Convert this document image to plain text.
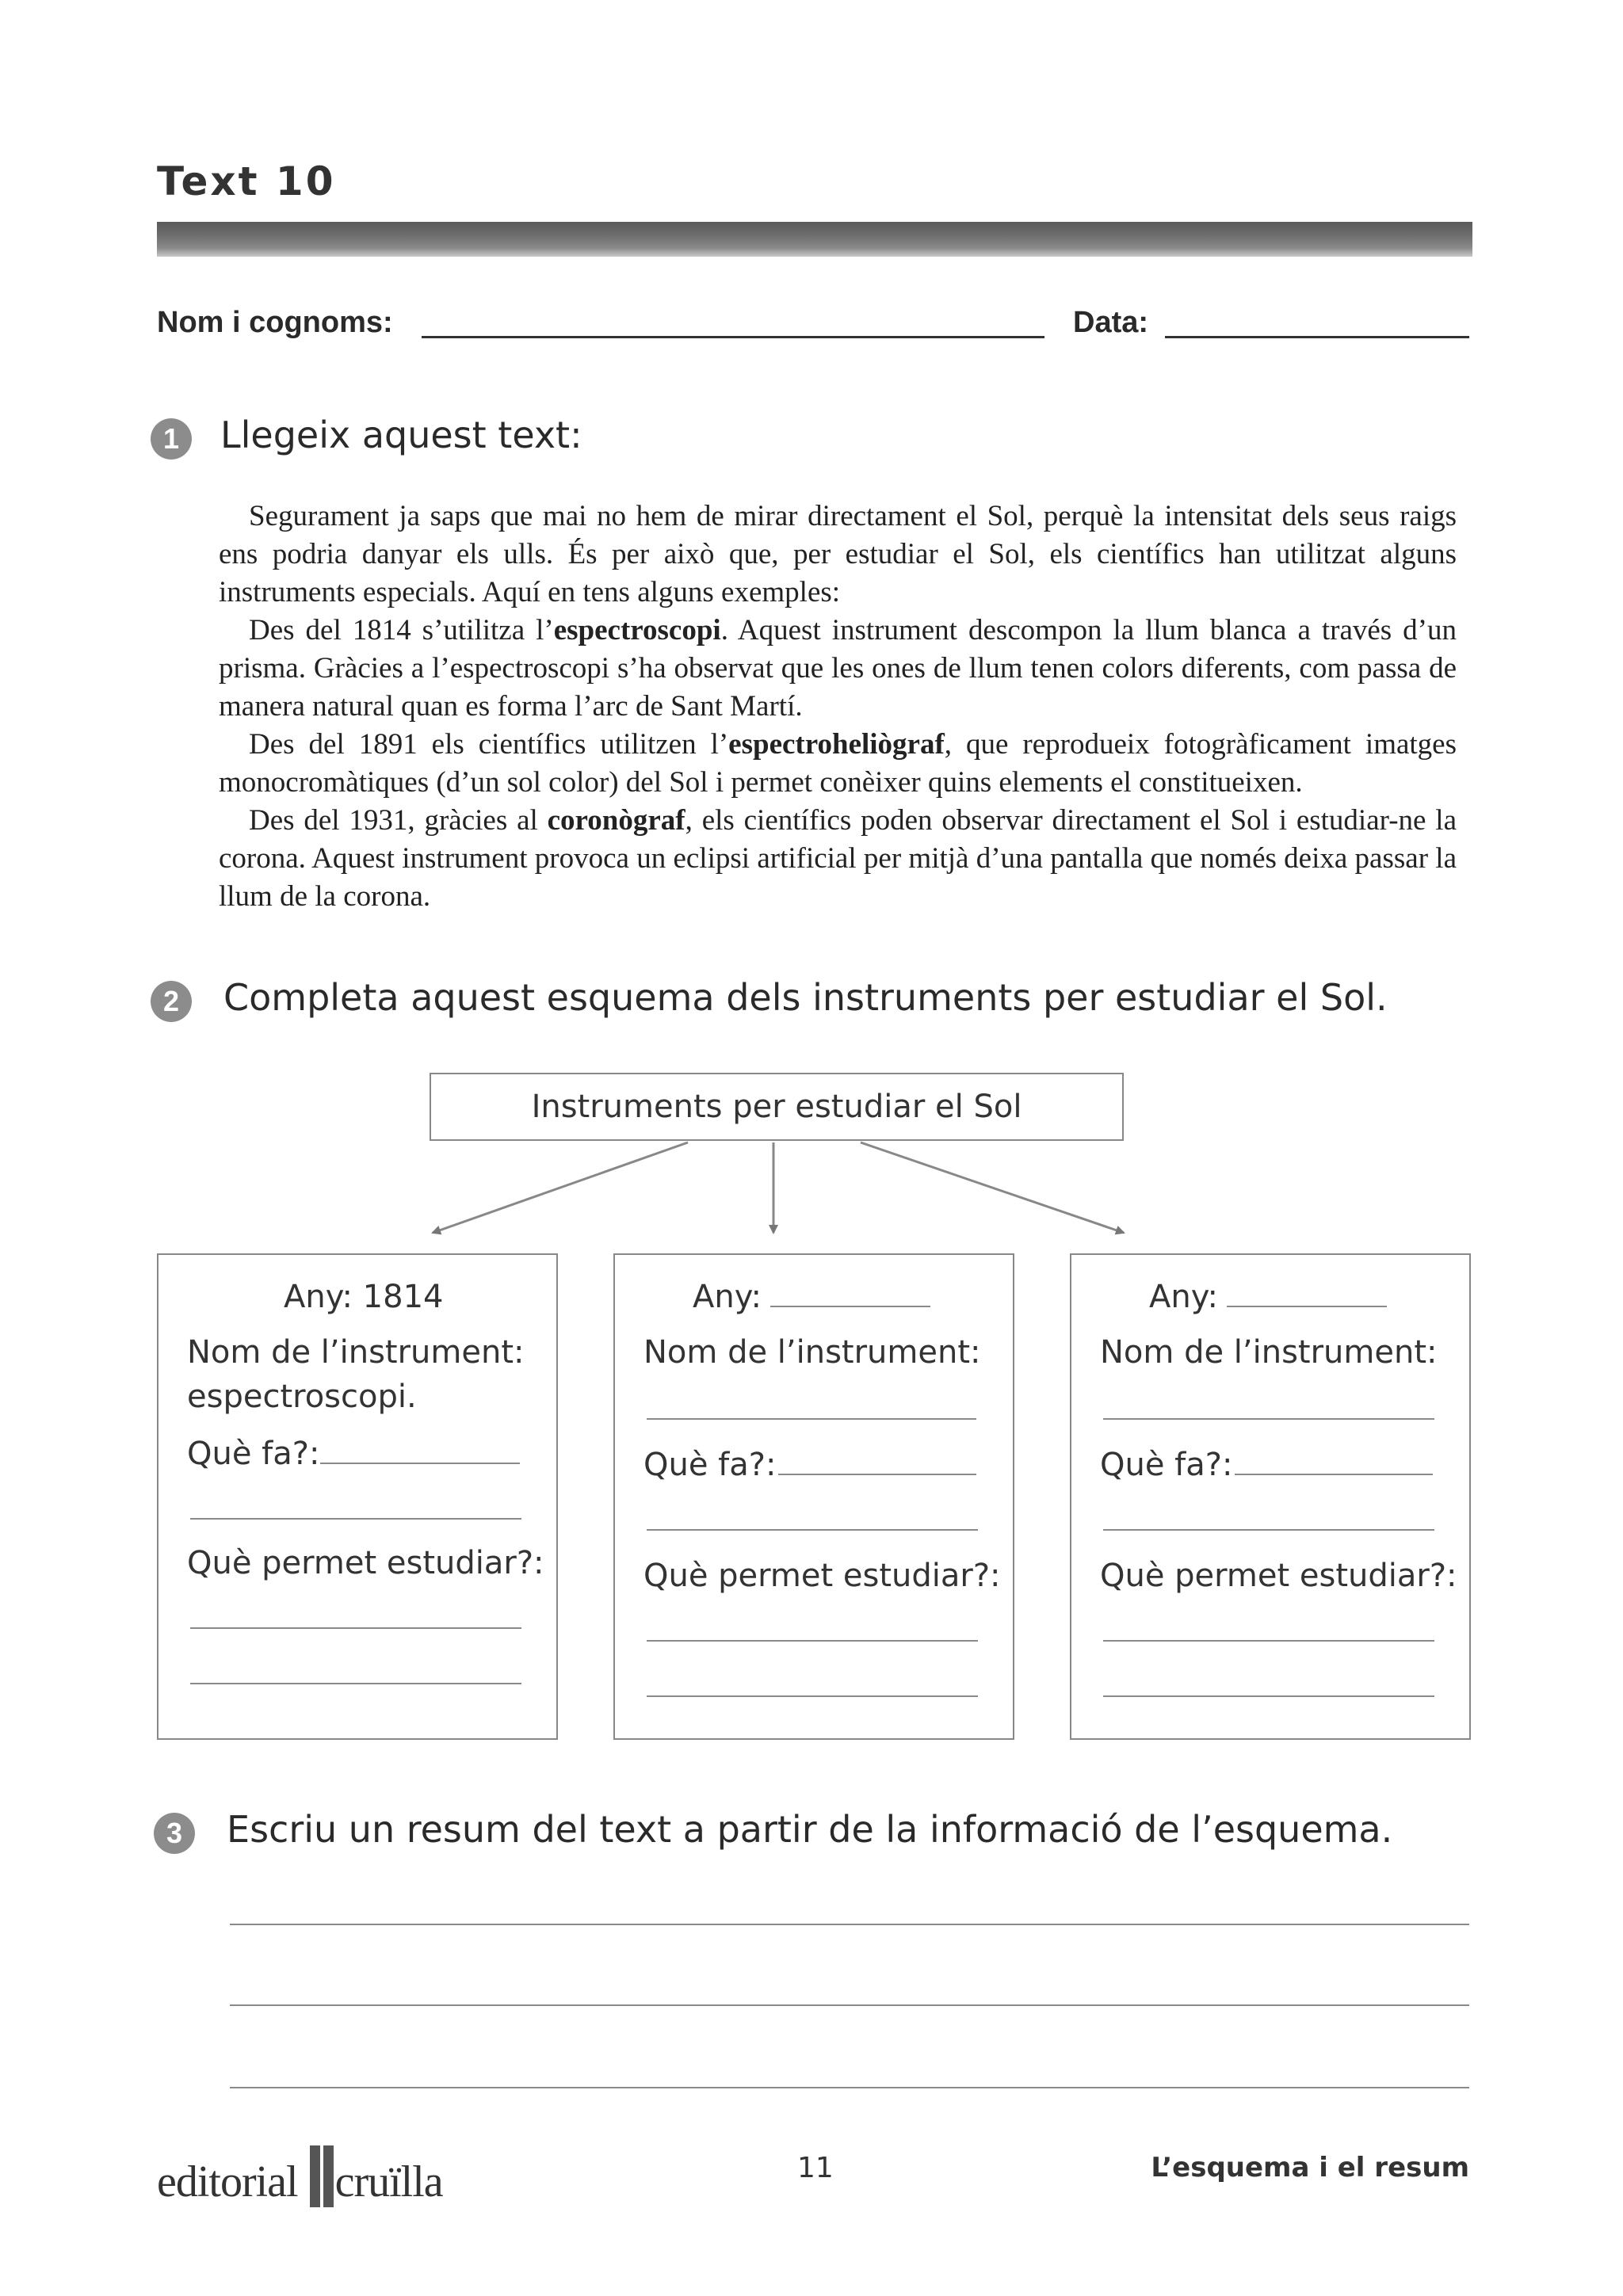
Text 10
Nom i cognoms:	Data:
1	Llegeix aquest text:

Segurament ja saps que mai no hem de mirar directament el Sol, perquè la intensitat dels seus raigs ens podria danyar els ulls. És per això que, per estudiar el Sol, els científics han utilitzat alguns instruments especials. Aquí en tens alguns exemples:

Des del 1814 s’utilitza l’espectroscopi. Aquest instrument descompon la llum blanca a través d’un prisma. Gràcies a l’espectroscopi s’ha observat que les ones de llum tenen colors diferents, com passa de manera natural quan es forma l’arc de Sant Martí.

Des del 1891 els científics utilitzen l’espectroheliògraf, que reprodueix fotogràficament imatges monocromàtiques (d’un sol color) del Sol i permet conèixer quins elements el constitueixen.

Des del 1931, gràcies al coronògraf, els científics poden observar directament el Sol i estudiar-ne la corona. Aquest instrument provoca un eclipsi artificial per mitjà d’una pantalla que només deixa passar la llum de la corona.

2	Completa aquest esquema dels instruments per estudiar el Sol.
Instruments per estudiar el Sol
Any: 1814
Nom de l’instrument:
espectroscopi.
Què fa?:
Què permet estudiar?:
Any:
Nom de l’instrument:
Què fa?:
Què permet estudiar?:
Any:
Nom de l’instrument:
Què fa?:
Què permet estudiar?:
3	Escriu un resum del text a partir de la informació de l’esquema.
editorial cruïlla	11	L’esquema i el resum
